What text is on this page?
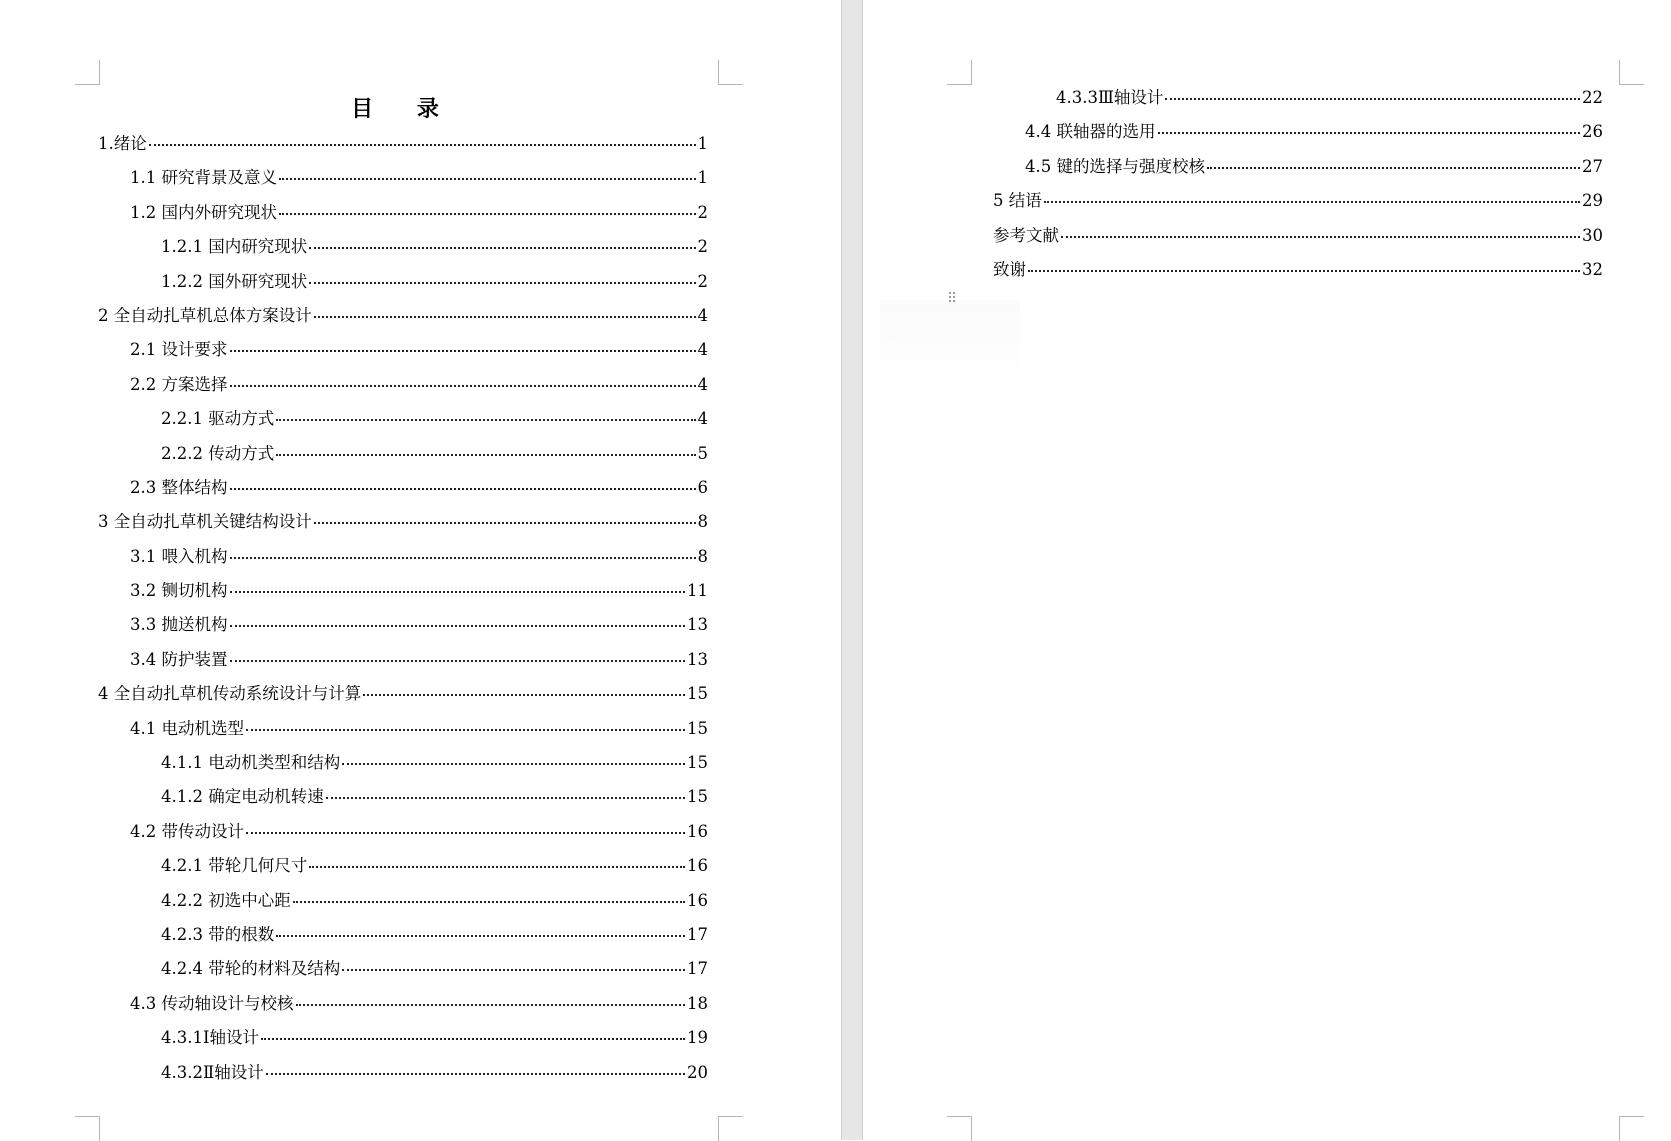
目 录
1.绪论	1
1.1 研究背景及意义	1
1.2 国内外研究现状	2
1.2.1 国内研究现状	2
1.2.2 国外研究现状	2
2 全自动扎草机总体方案设计	4
2.1 设计要求	4
2.2 方案选择	4
2.2.1 驱动方式	4
2.2.2 传动方式	5
2.3 整体结构	6
3 全自动扎草机关键结构设计	8
3.1 喂入机构	8
3.2 铡切机构	11
3.3 抛送机构	13
3.4 防护装置	13
4 全自动扎草机传动系统设计与计算	15
4.1 电动机选型	15
4.1.1 电动机类型和结构	15
4.1.2 确定电动机转速	15
4.2 带传动设计	16
4.2.1 带轮几何尺寸	16
4.2.2 初选中心距	16
4.2.3 带的根数	17
4.2.4 带轮的材料及结构	17
4.3 传动轴设计与校核	18
4.3.1Ⅰ轴设计	19
4.3.2Ⅱ轴设计	20
4.3.3Ⅲ轴设计	22
4.4 联轴器的选用	26
4.5 键的选择与强度校核	27
5 结语	29
参考文献	30
致谢	32
⠿
